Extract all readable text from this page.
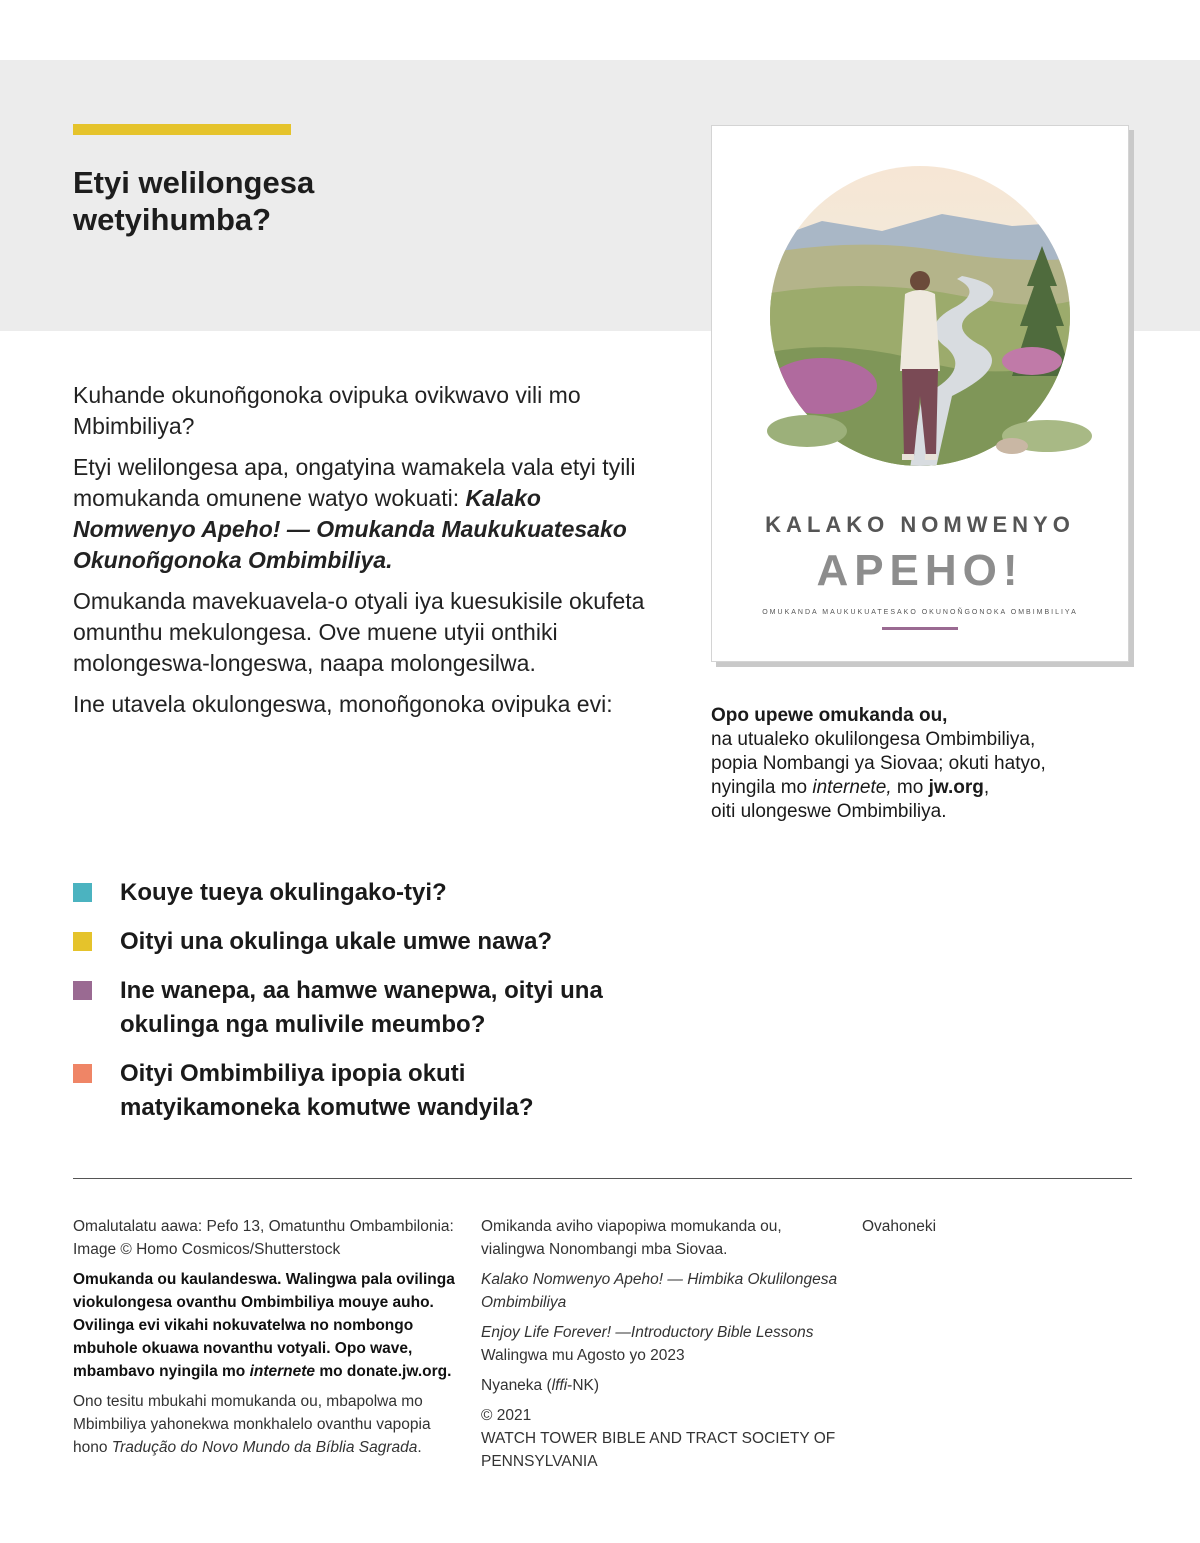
Etyi welilongesa
wetyihumba?
KALAKO NOMWENYO
APEHO!
OMUKANDA MAUKUKUATESAKO OKUNOÑGONOKA OMBIMBILIYA
Opo upewe omukanda ou,
na utualeko okulilongesa Ombimbiliya,
popia Nombangi ya Siovaa; okuti hatyo,
nyingila mo internete, mo jw.org,
oiti ulongeswe Ombimbiliya.

Kuhande okunoñgonoka ovipuka ovikwavo vili mo Mbimbiliya?

Etyi welilongesa apa, ongatyina wamakela vala etyi tyili momukanda omunene watyo wokuati: Kalako Nomwenyo Apeho! — Omukanda Maukukuatesako Okunoñgonoka Ombimbiliya.

Omukanda mavekuavela-o otyali iya kuesukisile okufeta omunthu mekulongesa. Ove muene utyii onthiki molongeswa-longeswa, naapa molongesilwa.

Ine utavela okulongeswa, monoñgonoka ovipuka evi:

Kouye tueya okulingako-tyi?
Oityi una okulinga ukale umwe nawa?
Ine wanepa, aa hamwe wanepwa, oityi una okulinga nga mulivile meumbo?
Oityi Ombimbiliya ipopia okuti matyikamoneka komutwe wandyila?

Omalutalatu aawa: Pefo 13, Omatunthu Ombambilonia: Image © Homo Cosmicos/Shutterstock

Omukanda ou kaulandeswa. Walingwa pala ovilinga viokulongesa ovanthu Ombimbiliya mouye auho. Ovilinga evi vikahi nokuvatelwa no nombongo mbuhole okuawa novanthu votyali. Opo wave, mbambavo nyingila mo internete mo donate.jw.org.

Ono tesitu mbukahi momukanda ou, mbapolwa mo Mbimbiliya yahonekwa monkhalelo ovanthu vapopia hono Tradução do Novo Mundo da Bíblia Sagrada.

Omikanda aviho viapopiwa momukanda ou, vialingwa Nonombangi mba Siovaa.

Kalako Nomwenyo Apeho! — Himbika Okulilongesa Ombimbiliya

Enjoy Life Forever! —Introductory Bible Lessons
Walingwa mu Agosto yo 2023

Nyaneka (lffi-NK)

© 2021
WATCH TOWER BIBLE AND TRACT SOCIETY OF PENNSYLVANIA

Ovahoneki
